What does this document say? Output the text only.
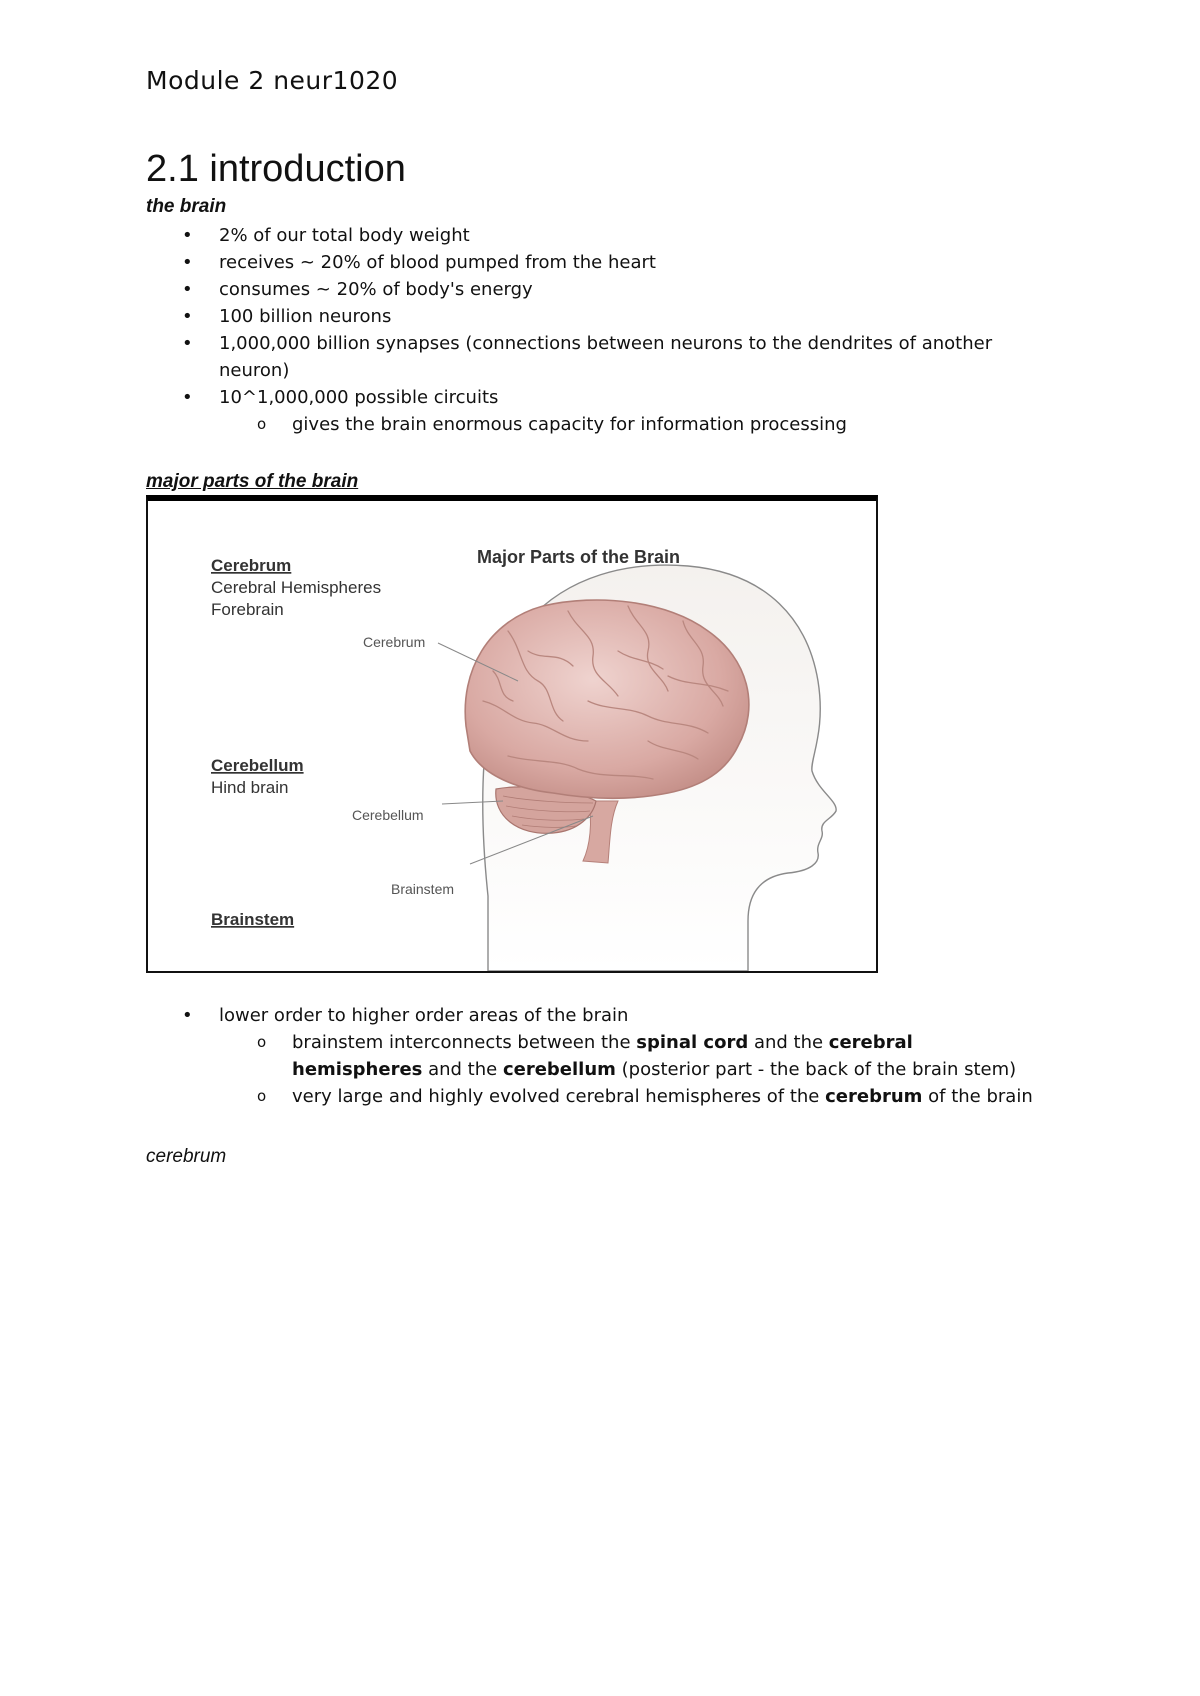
Module 2 neur1020
2.1 introduction
the brain
• 2% of our total body weight
• receives ~ 20% of blood pumped from the heart
• consumes ~ 20% of body's energy
• 100 billion neurons
• 1,000,000 billion synapses (connections between neurons to the dendrites of another neuron)
• 10^1,000,000 possible circuits
o gives the brain enormous capacity for information processing
major parts of the brain
Major Parts of the Brain
Cerebrum
Cerebral Hemispheres
Forebrain
Cerebellum
Hind brain
Brainstem
Cerebrum
Cerebellum
Brainstem
• lower order to higher order areas of the brain
o brainstem interconnects between the spinal cord and the cerebral hemispheres and the cerebellum (posterior part - the back of the brain stem)
o very large and highly evolved cerebral hemispheres of the cerebrum of the brain
cerebrum
